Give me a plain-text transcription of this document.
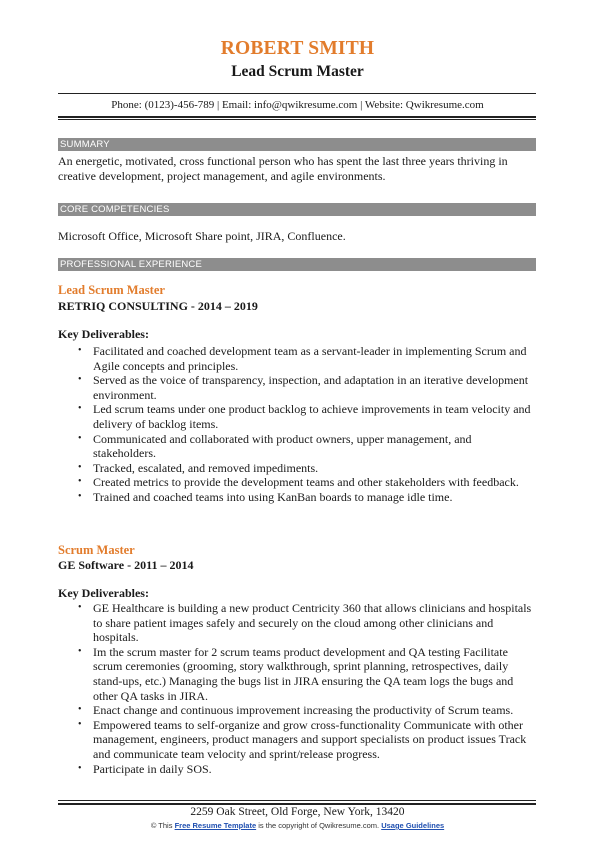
ROBERT SMITH
Lead Scrum Master
Phone: (0123)-456-789 | Email: info@qwikresume.com | Website: Qwikresume.com
SUMMARY
An energetic, motivated, cross functional person who has spent the last three years thriving in creative development, project management, and agile environments.
CORE COMPETENCIES
Microsoft Office, Microsoft Share point, JIRA, Confluence.
PROFESSIONAL EXPERIENCE
Lead Scrum Master
RETRIQ CONSULTING - 2014 – 2019
Key Deliverables:
• Facilitated and coached development team as a servant-leader in implementing Scrum and Agile concepts and principles.
• Served as the voice of transparency, inspection, and adaptation in an iterative development environment.
• Led scrum teams under one product backlog to achieve improvements in team velocity and delivery of backlog items.
• Communicated and collaborated with product owners, upper management, and stakeholders.
• Tracked, escalated, and removed impediments.
• Created metrics to provide the development teams and other stakeholders with feedback.
• Trained and coached teams into using KanBan boards to manage idle time.
Scrum Master
GE Software - 2011 – 2014
Key Deliverables:
• GE Healthcare is building a new product Centricity 360 that allows clinicians and hospitals to share patient images safely and securely on the cloud among other clinicians and hospitals.
• Im the scrum master for 2 scrum teams product development and QA testing Facilitate scrum ceremonies (grooming, story walkthrough, sprint planning, retrospectives, daily stand-ups, etc.) Managing the bugs list in JIRA ensuring the QA team logs the bugs and other QA tasks in JIRA.
• Enact change and continuous improvement increasing the productivity of Scrum teams.
• Empowered teams to self-organize and grow cross-functionality Communicate with other management, engineers, product managers and support specialists on product issues Track and communicate team velocity and sprint/release progress.
• Participate in daily SOS.
2259 Oak Street, Old Forge, New York, 13420
© This Free Resume Template is the copyright of Qwikresume.com. Usage Guidelines
